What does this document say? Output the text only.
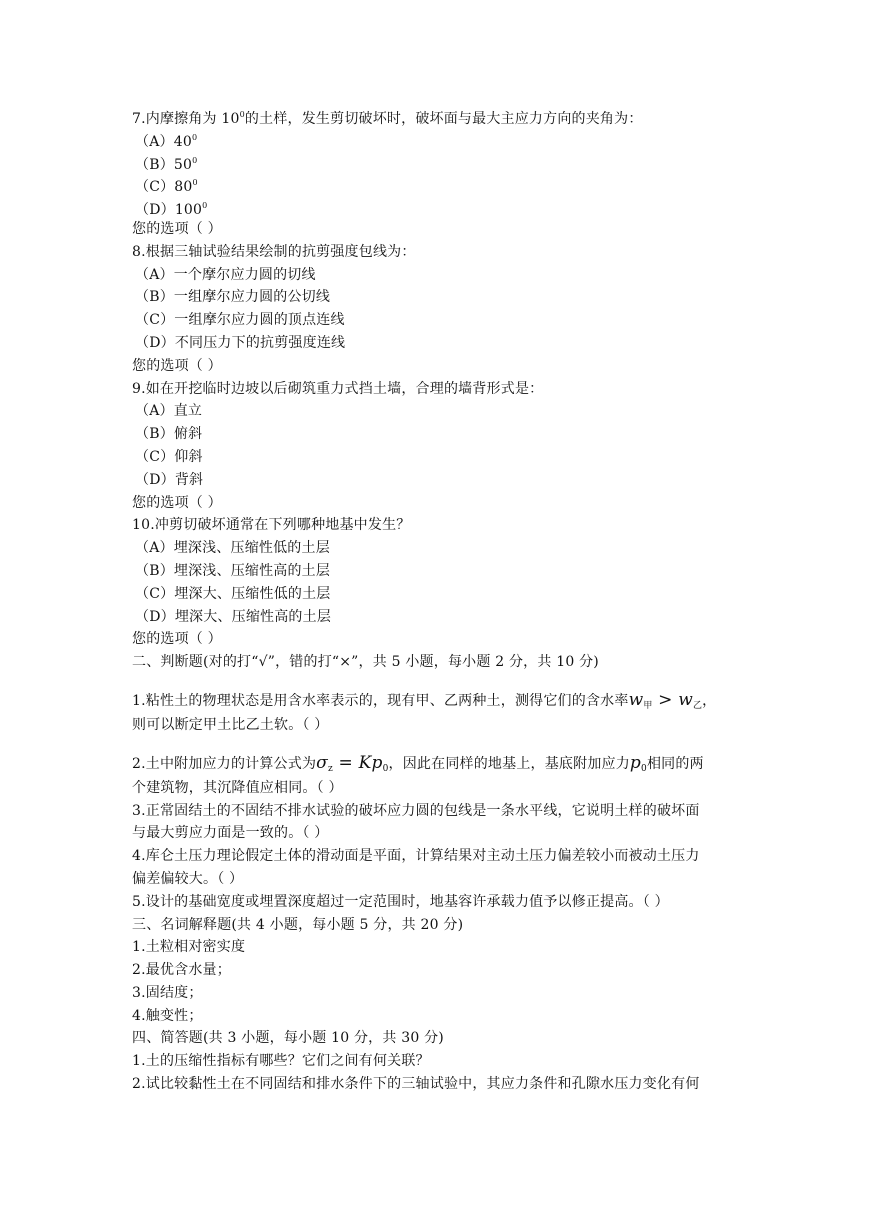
7.内摩擦角为 $10^0$的土样，发生剪切破坏时，破坏面与最大主应力方向的夹角为：
$(A)40^0$
$(B)50^0$
$(C)80^0$
$(D)100^0$
您的选项（ ）
8.根据三轴试验结果绘制的抗剪强度包线为：
（A）一个摩尔应力圆的切线
（B）一组摩尔应力圆的公切线
（C）一组摩尔应力圆的顶点连线
（D）不同压力下的抗剪强度连线
您的选项（ ）
9.如在开挖临时边坡以后砌筑重力式挡土墙，合理的墙背形式是：
（A）直立
（B）俯斜
（C）仰斜
（D）背斜
您的选项（ ）
10.冲剪切破坏通常在下列哪种地基中发生？
（A）埋深浅、压缩性低的土层
（B）埋深浅、压缩性高的土层
（C）埋深大、压缩性低的土层
（D）埋深大、压缩性高的土层
您的选项（ ）
二、判断题(对的打“√”，错的打“×”，共 5 小题，每小题 2 分，共 10 分)
1.粘性土的物理状态是用含水率表示的，现有甲、乙两种土，测得它们的含水率$w_甲 > w_乙$，
则可以断定甲土比乙土软。（ ）
2.土中附加应力的计算公式为$\sigma_z = Kp_0$，因此在同样的地基上，基底附加应力$p_0$相同的两
个建筑物，其沉降值应相同。（ ）
3.正常固结土的不固结不排水试验的破坏应力圆的包线是一条水平线，它说明土样的破坏面
与最大剪应力面是一致的。（ ）
4.库仑土压力理论假定土体的滑动面是平面，计算结果对主动土压力偏差较小而被动土压力
偏差偏较大。（ ）
5.设计的基础宽度或埋置深度超过一定范围时，地基容许承载力值予以修正提高。（ ）
三、名词解释题(共 4 小题，每小题 5 分，共 20 分)
1.土粒相对密实度
2.最优含水量；
3.固结度；
4.触变性；
四、简答题(共 3 小题，每小题 10 分，共 30 分)
1.土的压缩性指标有哪些？它们之间有何关联？
2.试比较黏性土在不同固结和排水条件下的三轴试验中，其应力条件和孔隙水压力变化有何
